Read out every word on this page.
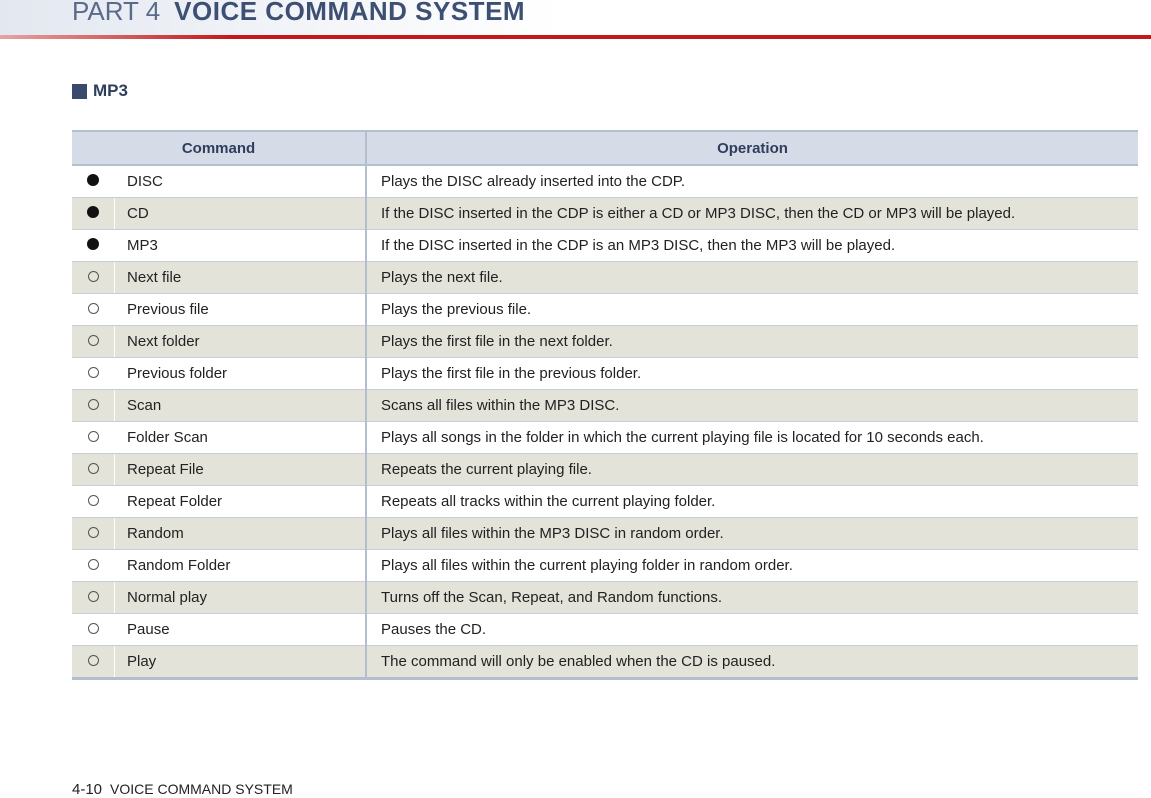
PART 4 VOICE COMMAND SYSTEM
MP3
Command		Operation
	DISC	Plays the DISC already inserted into the CDP.
	CD	If the DISC inserted in the CDP is either a CD or MP3 DISC, then the CD or MP3 will be played.
	MP3	If the DISC inserted in the CDP is an MP3 DISC, then the MP3 will be played.
	Next file	Plays the next file.
	Previous file	Plays the previous file.
	Next folder	Plays the first file in the next folder.
	Previous folder	Plays the first file in the previous folder.
	Scan	Scans all files within the MP3 DISC.
	Folder Scan	Plays all songs in the folder in which the current playing file is located for 10 seconds each.
	Repeat File	Repeats the current playing file.
	Repeat Folder	Repeats all tracks within the current playing folder.
	Random	Plays all files within the MP3 DISC in random order.
	Random Folder	Plays all files within the current playing folder in random order.
	Normal play	Turns off the Scan, Repeat, and Random functions.
	Pause	Pauses the CD.
	Play	The command will only be enabled when the CD is paused.
4-10 VOICE COMMAND SYSTEM
